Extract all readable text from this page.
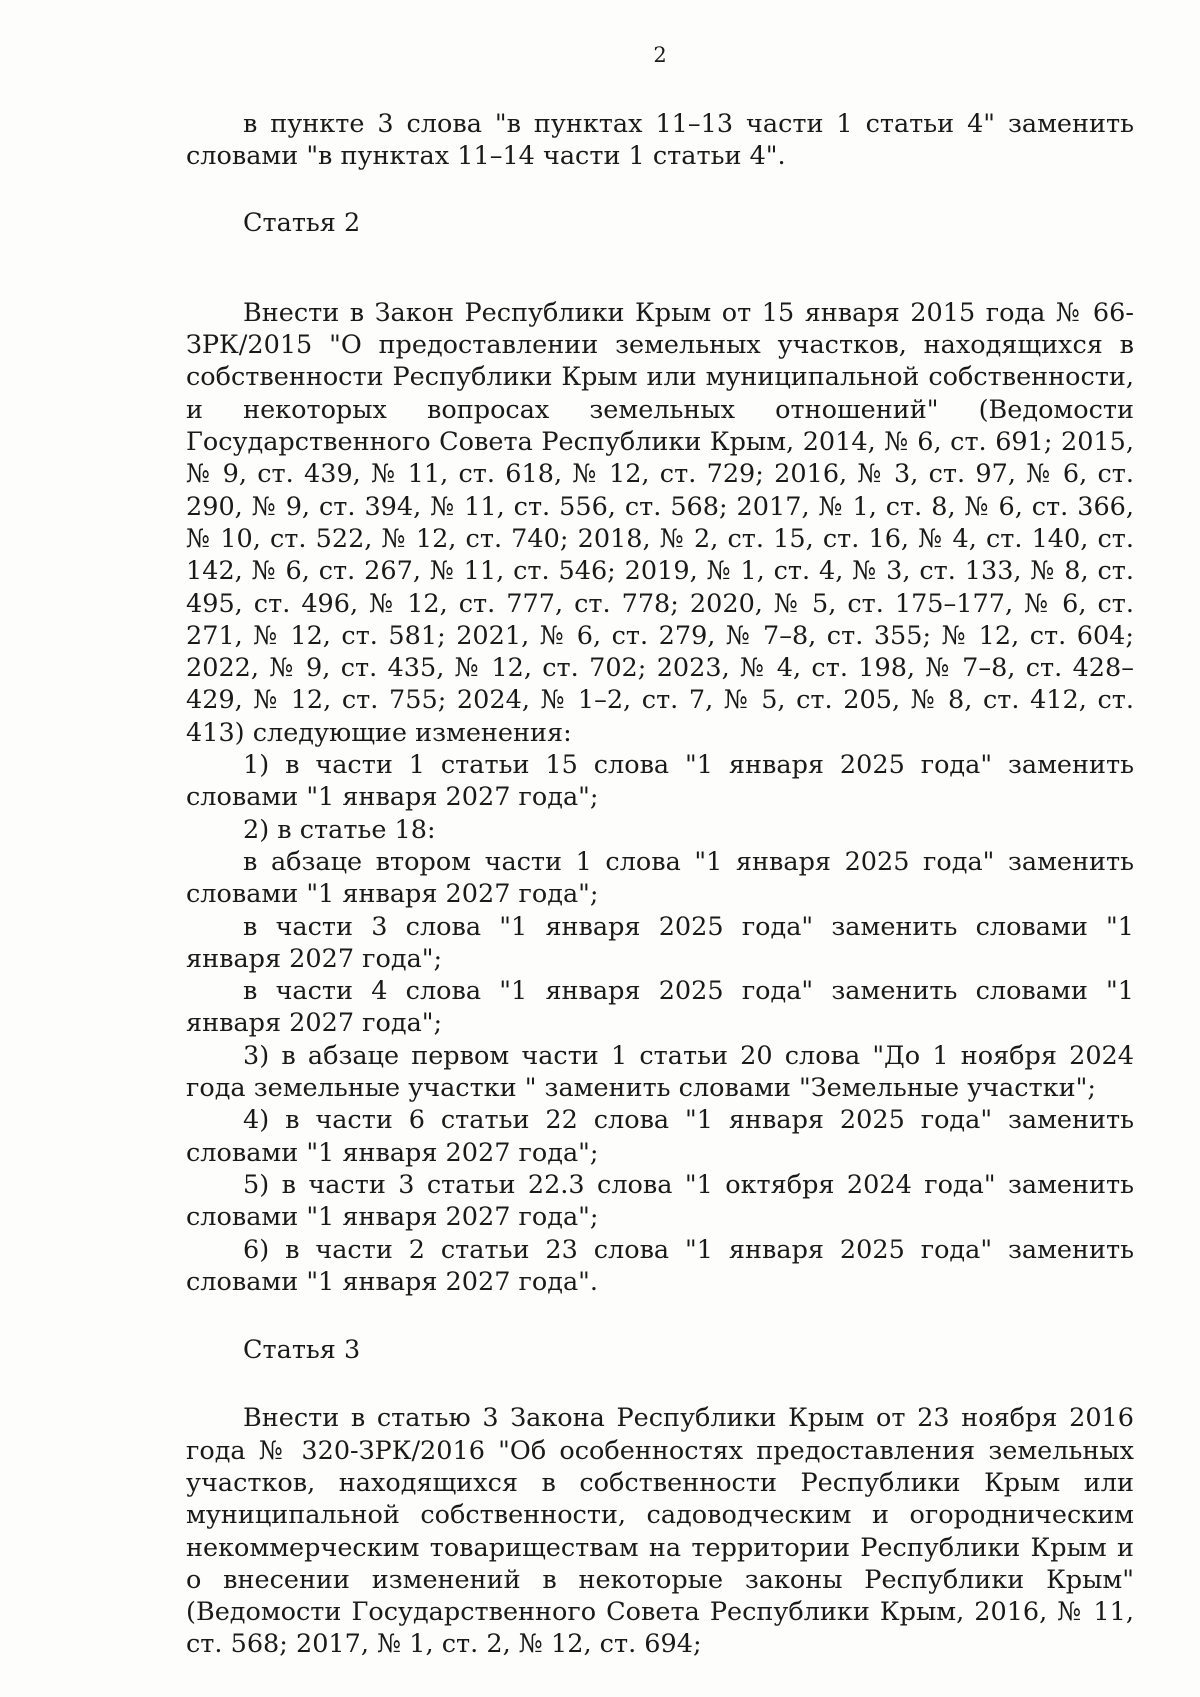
2

в пункте 3 слова "в пунктах 11–13 части 1 статьи 4" заменить словами "в пунктах 11–14 части 1 статьи 4".

Статья 2

Внести в Закон Республики Крым от 15 января 2015 года № 66-ЗРК/2015 "О предоставлении земельных участков, находящихся в собственности Республики Крым или муниципальной собственности, и некоторых вопросах земельных отношений" (Ведомости Государственного Совета Республики Крым, 2014, № 6, ст. 691; 2015, № 9, ст. 439, № 11, ст. 618, № 12, ст. 729; 2016, № 3, ст. 97, № 6, ст. 290, № 9, ст. 394, № 11, ст. 556, ст. 568; 2017, № 1, ст. 8, № 6, ст. 366, № 10, ст. 522, № 12, ст. 740; 2018, № 2, ст. 15, ст. 16, № 4, ст. 140, ст. 142, № 6, ст. 267, № 11, ст. 546; 2019, № 1, ст. 4, № 3, ст. 133, № 8, ст. 495, ст. 496, № 12, ст. 777, ст. 778; 2020, № 5, ст. 175–177, № 6, ст. 271, № 12, ст. 581; 2021, № 6, ст. 279, № 7–8, ст. 355; № 12, ст. 604; 2022, № 9, ст. 435, № 12, ст. 702; 2023, № 4, ст. 198, № 7–8, ст. 428–429, № 12, ст. 755; 2024, № 1–2, ст. 7, № 5, ст. 205, № 8, ст. 412, ст. 413) следующие изменения:

1) в части 1 статьи 15 слова "1 января 2025 года" заменить словами "1 января 2027 года";

2) в статье 18:

в абзаце втором части 1 слова "1 января 2025 года" заменить словами "1 января 2027 года";

в части 3 слова "1 января 2025 года" заменить словами "1 января 2027 года";

в части 4 слова "1 января 2025 года" заменить словами "1 января 2027 года";

3) в абзаце первом части 1 статьи 20 слова "До 1 ноября 2024 года земельные участки " заменить словами "Земельные участки";

4) в части 6 статьи 22 слова "1 января 2025 года" заменить словами "1 января 2027 года";

5) в части 3 статьи 22.3 слова "1 октября 2024 года" заменить словами "1 января 2027 года";

6) в части 2 статьи 23 слова "1 января 2025 года" заменить словами "1 января 2027 года".

Статья 3

Внести в статью 3 Закона Республики Крым от 23 ноября 2016 года № 320-ЗРК/2016 "Об особенностях предоставления земельных участков, находящихся в собственности Республики Крым или муниципальной собственности, садоводческим и огородническим некоммерческим товариществам на территории Республики Крым и о внесении изменений в некоторые законы Республики Крым" (Ведомости Государственного Совета Республики Крым, 2016, № 11, ст. 568; 2017, № 1, ст. 2, № 12, ст. 694;
